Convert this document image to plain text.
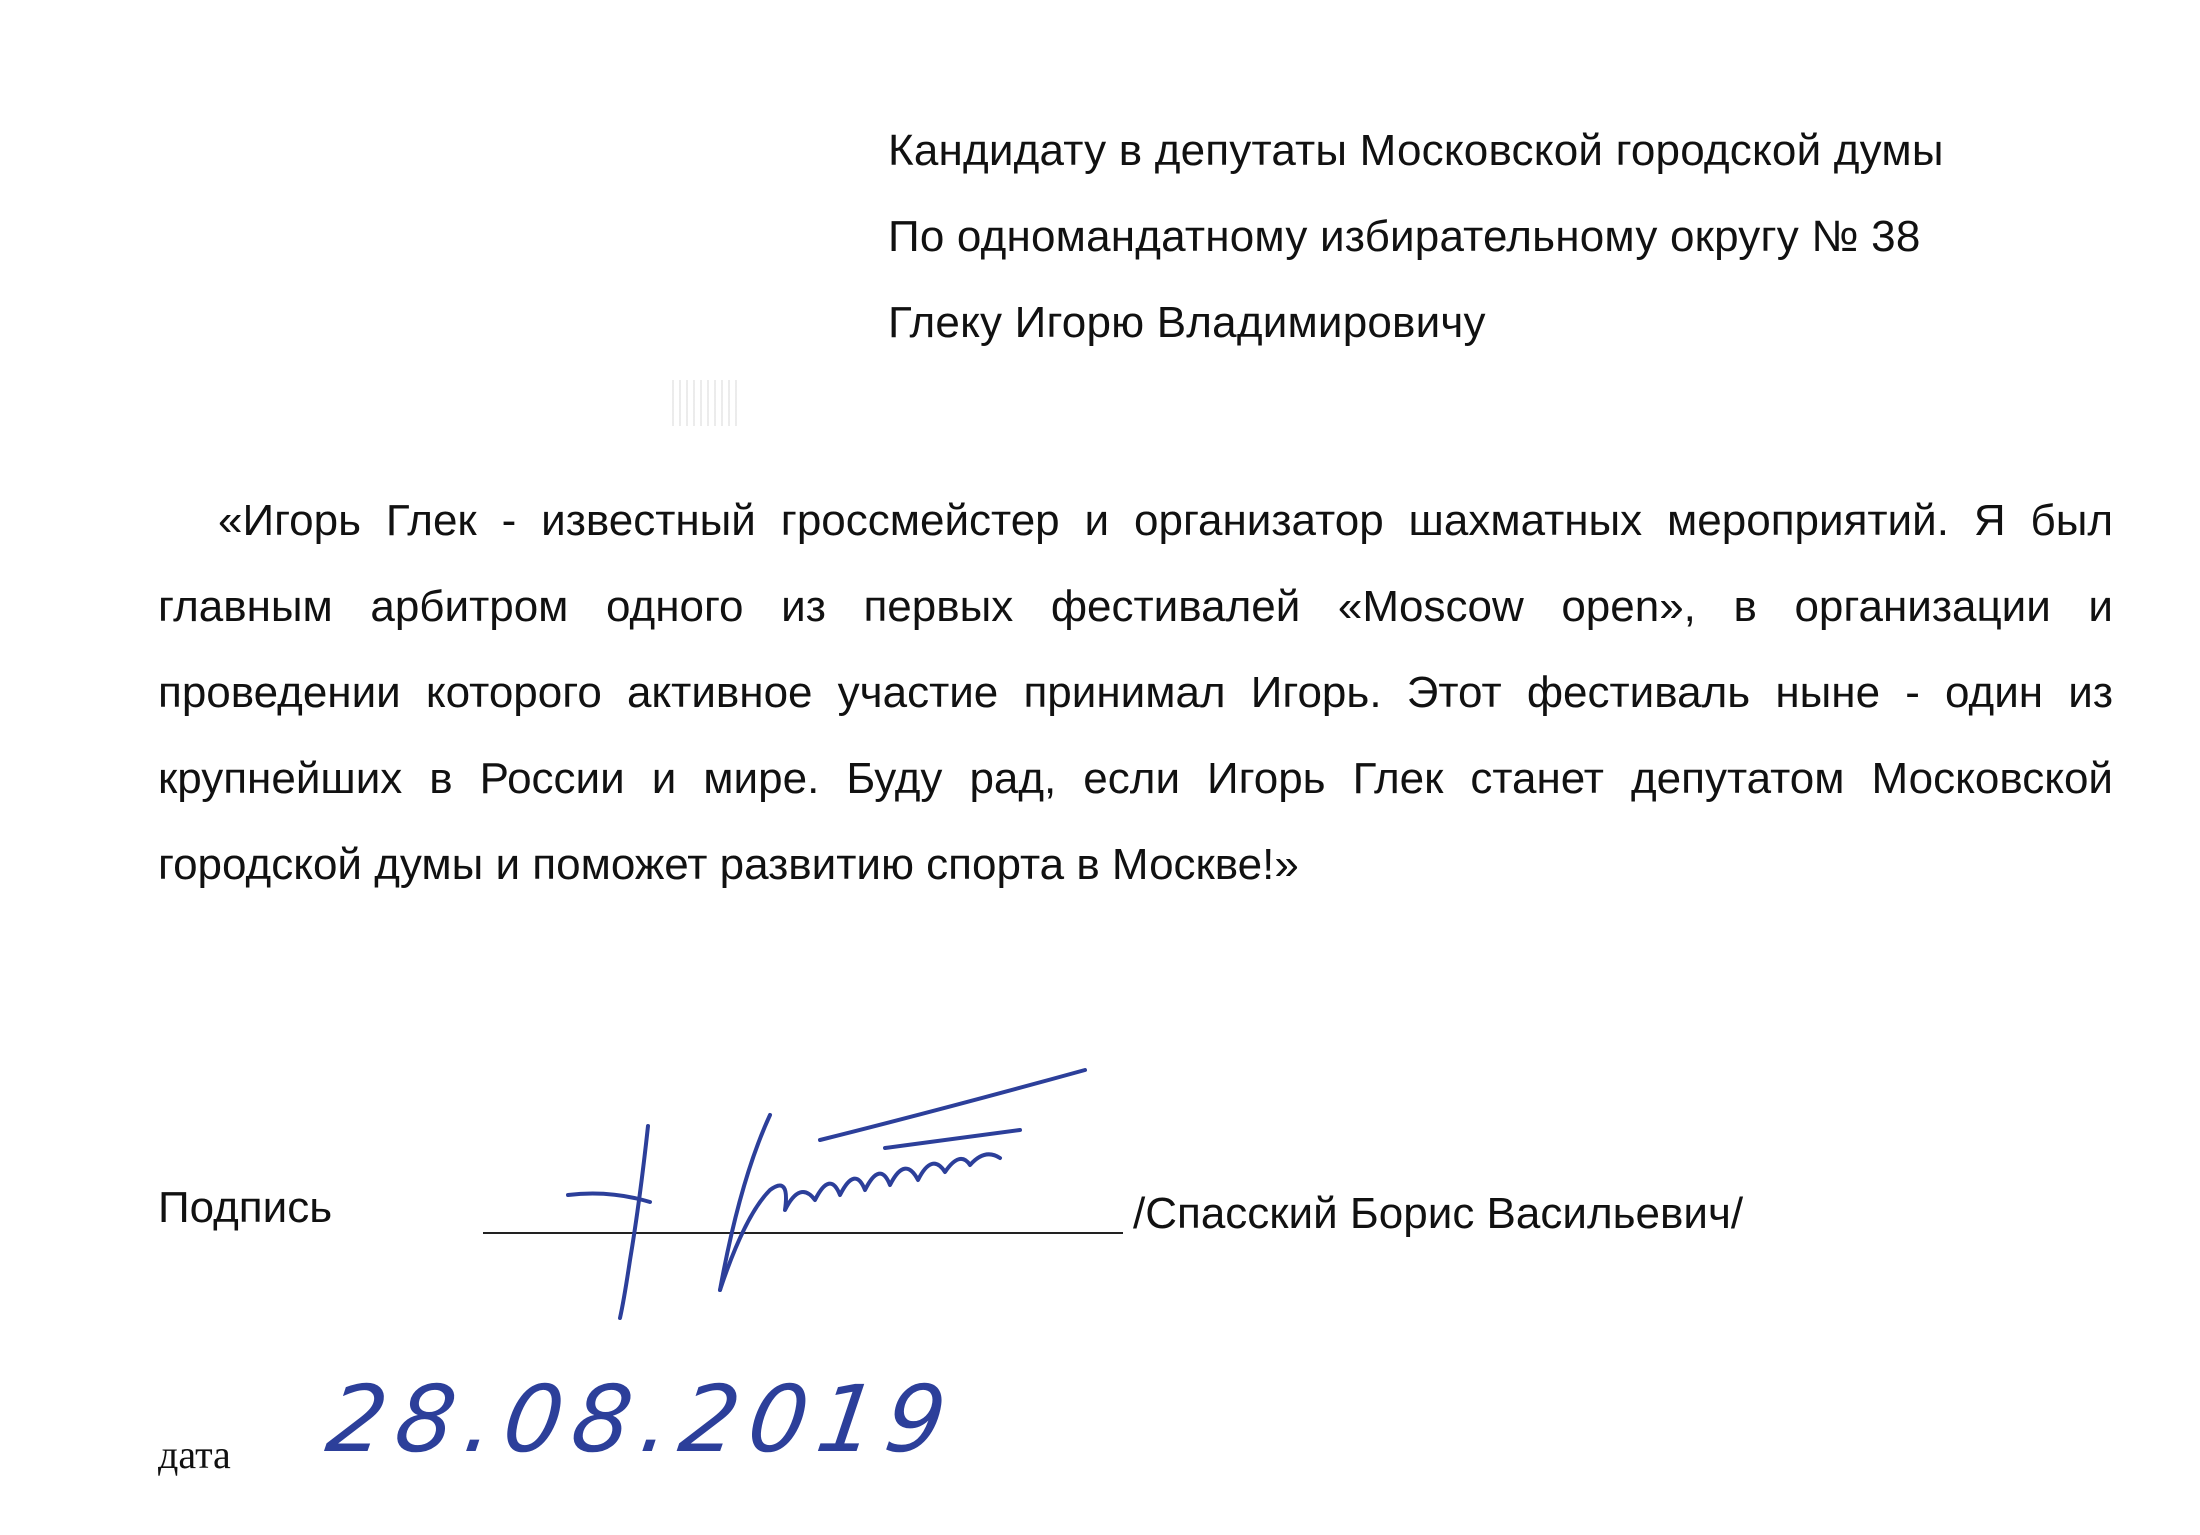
Кандидату в депутаты Московской городской думы
По одномандатному избирательному округу № 38
Глеку Игорю Владимировичу

«Игорь Глек - известный гроссмейстер и организатор шахматных мероприятий. Я был главным арбитром одного из первых фестивалей «Moscow open», в организации и проведении которого активное участие принимал Игорь. Этот фестиваль ныне - один из крупнейших в России и мире. Буду рад, если Игорь Глек станет депутатом Московской городской думы и поможет развитию спорта в Москве!»

Подпись	/Спасский Борис Васильевич/
дата 28.08.2019
